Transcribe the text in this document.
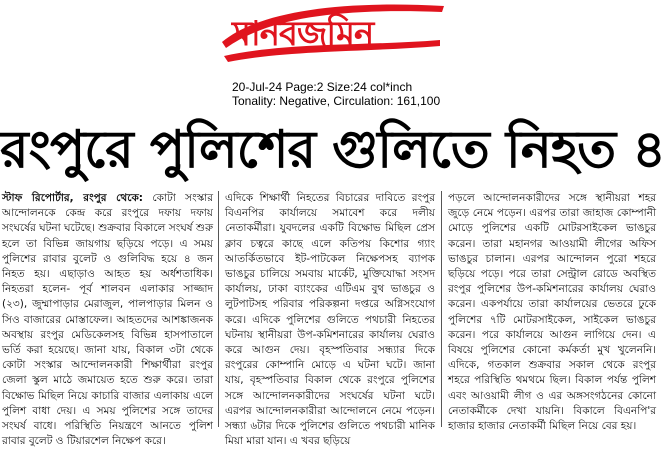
মানবজমিন
20-Jul-24 Page:2 Size:24 col*inch
Tonality: Negative, Circulation: 161,100
রংপুরে পুলিশের গুলিতে নিহত ৪

স্টাফ রিপোর্টার, রংপুর থেকে: কোটা সংস্কার আন্দোলনকে কেন্দ্র করে রংপুরে দফায় দফায় সংঘর্ষের ঘটনা ঘটেছে। শুক্রবার বিকালে সংঘর্ষ শুরু হলে তা বিভিন্ন জায়গায় ছড়িয়ে পড়ে। এ সময় পুলিশের রাবার বুলেট ও গুলিবিদ্ধ হয়ে ৪ জন নিহত হয়। এছাড়াও আহত হয় অর্ধশতাধিক। নিহতরা হলেন- পূর্ব শালবন এলাকার সাজ্জাদ (২৩), জুম্মাপাড়ার মেরাজুল, পালপাড়ার মিলন ও সিও বাজারের মোস্তাফেল। আহতদের আশঙ্কাজনক অবস্থায় রংপুর মেডিকেলসহ বিভিন্ন হাসপাতালে ভর্তি করা হয়েছে। জানা যায়, বিকাল ৩টা থেকে কোটা সংস্কার আন্দোলনকারী শিক্ষার্থীরা রংপুর জেলা স্কুল মাঠে জমায়েত হতে শুরু করে। তারা বিক্ষোভ মিছিল নিয়ে কাচারি বাজার এলাকায় এলে পুলিশ বাধা দেয়। এ সময় পুলিশের সঙ্গে তাদের সংঘর্ষ বাধে। পরিস্থিতি নিয়ন্ত্রণে আনতে পুলিশ রাবার বুলেট ও টিয়ারশেল নিক্ষেপ করে।

এদিকে শিক্ষার্থী নিহতের বিচারের দাবিতে রংপুর বিএনপির কার্যালয়ে সমাবেশ করে দলীয় নেতাকর্মীরা। যুবদলের একটি বিক্ষোভ মিছিল প্রেস ক্লাব চত্বরে কাছে এলে কতিপয় কিশোর গ্যাং আতর্কিতভাবে ইট-পাটকেল নিক্ষেপসহ ব্যাপক ভাঙচুর চালিয়ে সমবায় মার্কেট, মুক্তিযোদ্ধা সংসদ কার্যালয়, ঢাকা ব্যাংকের এটিএম বুথ ভাঙচুর ও লুটপাটসহ পরিবার পরিকল্পনা দপ্তরে অগ্নিসংযোগ করে। এদিকে পুলিশের গুলিতে পথচারী নিহতের ঘটনায় স্থানীয়রা উপ-কমিশনারের কার্যালয় ঘেরাও করে আগুন দেয়। বৃহস্পতিবার সন্ধ্যার দিকে রংপুরের কোম্পানি মোড়ে এ ঘটনা ঘটে। জানা যায়, বৃহস্পতিবার বিকাল থেকে রংপুরে পুলিশের সঙ্গে আন্দোলনকারীদের সংঘর্ষের ঘটনা ঘটে। এরপর আন্দোলনকারীরা আন্দোলনে নেমে পড়েন। সন্ধ্যা ৬টার দিকে পুলিশের গুলিতে পথচারী মানিক মিয়া মারা যান। এ খবর ছড়িয়ে

পড়লে আন্দোলনকারীদের সঙ্গে স্থানীয়রা শহর জুড়ে নেমে পড়েন। এরপর তারা জাহাজ কোম্পানী মোড়ে পুলিশের একটি মোটরসাইকেল ভাঙচুর করেন। তারা মহানগর আওয়ামী লীগের অফিস ভাঙচুর চালান। এরপর আন্দোলন পুরো শহরে ছড়িয়ে পড়ে। পরে তারা সেন্ট্রাল রোডে অবস্থিত রংপুর পুলিশের উপ-কমিশনারের কার্যালয় ঘেরাও করেন। একপর্যায়ে তারা কার্যালয়ের ভেতরে ঢুকে পুলিশের ৭টি মোটরসাইকেল, সাইকেল ভাঙচুর করেন। পরে কার্যালয়ে আগুন লাগিয়ে দেন। এ বিষয়ে পুলিশের কোনো কর্মকর্তা মুখ খুলেননি। এদিকে, গতকাল শুক্রবার সকাল থেকে রংপুর শহরে পরিস্থিতি থমথমে ছিল। বিকাল পর্যন্ত পুলিশ এবং আওয়ামী লীগ ও এর অঙ্গসংগঠনের কোনো নেতাকর্মীকে দেখা যায়নি। বিকালে বিএনপি'র হাজার হাজার নেতাকর্মী মিছিল নিয়ে বের হয়।
